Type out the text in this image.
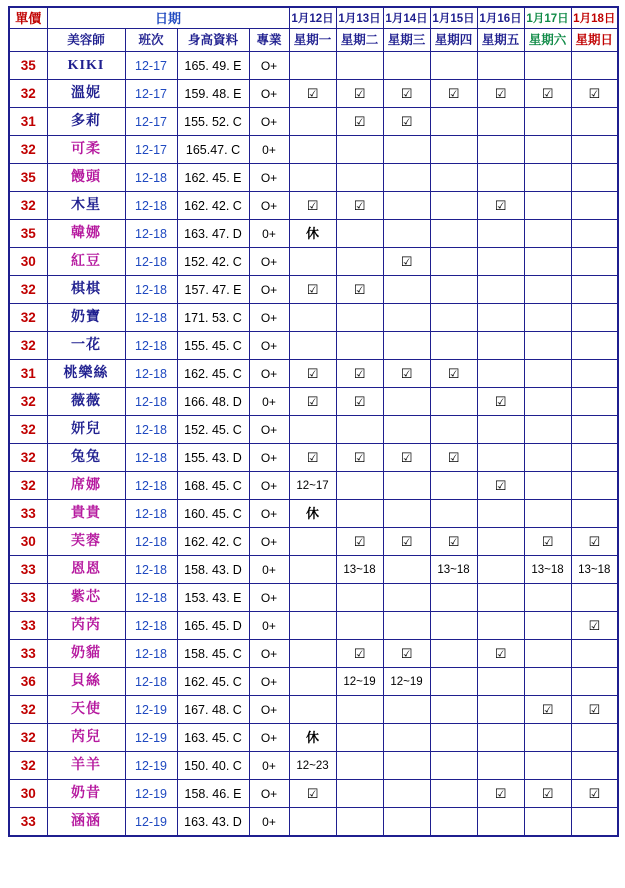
單價	日期				1月12日	1月13日	1月14日	1月15日	1月16日	1月17日	1月18日
	美容師	班次	身高資料	專業	星期一	星期二	星期三	星期四	星期五	星期六	星期日
35	KIKI	12-17	165. 49. E	O+							
32	溫妮	12-17	159. 48. E	O+	☑	☑	☑	☑	☑	☑	☑
31	多莉	12-17	155. 52. C	O+		☑	☑				
32	可柔	12-17	165.47. C	0+							
35	饅頭	12-18	162. 45. E	O+							
32	木星	12-18	162. 42. C	O+	☑	☑			☑		
35	韓娜	12-18	163. 47. D	0+	休						
30	紅豆	12-18	152. 42. C	O+			☑				
32	棋棋	12-18	157. 47. E	O+	☑	☑					
32	奶寶	12-18	171. 53. C	O+							
32	一花	12-18	155. 45. C	O+							
31	桃樂絲	12-18	162. 45. C	O+	☑	☑	☑	☑			
32	薇薇	12-18	166. 48. D	0+	☑	☑			☑		
32	妍兒	12-18	152. 45. C	O+							
32	兔兔	12-18	155. 43. D	O+	☑	☑	☑	☑			
32	席娜	12-18	168. 45. C	O+	12~17				☑		
33	貴貴	12-18	160. 45. C	O+	休						
30	芙蓉	12-18	162. 42. C	O+		☑	☑	☑		☑	☑
33	恩恩	12-18	158. 43. D	0+		13~18		13~18		13~18	13~18
33	紫芯	12-18	153. 43. E	O+							
33	芮芮	12-18	165. 45. D	0+							☑
33	奶貓	12-18	158. 45. C	O+		☑	☑		☑		
36	貝絲	12-18	162. 45. C	O+		12~19	12~19				
32	天使	12-19	167. 48. C	O+						☑	☑
32	芮兒	12-19	163. 45. C	O+	休						
32	羊羊	12-19	150. 40. C	0+	12~23						
30	奶昔	12-19	158. 46. E	O+	☑				☑	☑	☑
33	涵涵	12-19	163. 43. D	0+							
